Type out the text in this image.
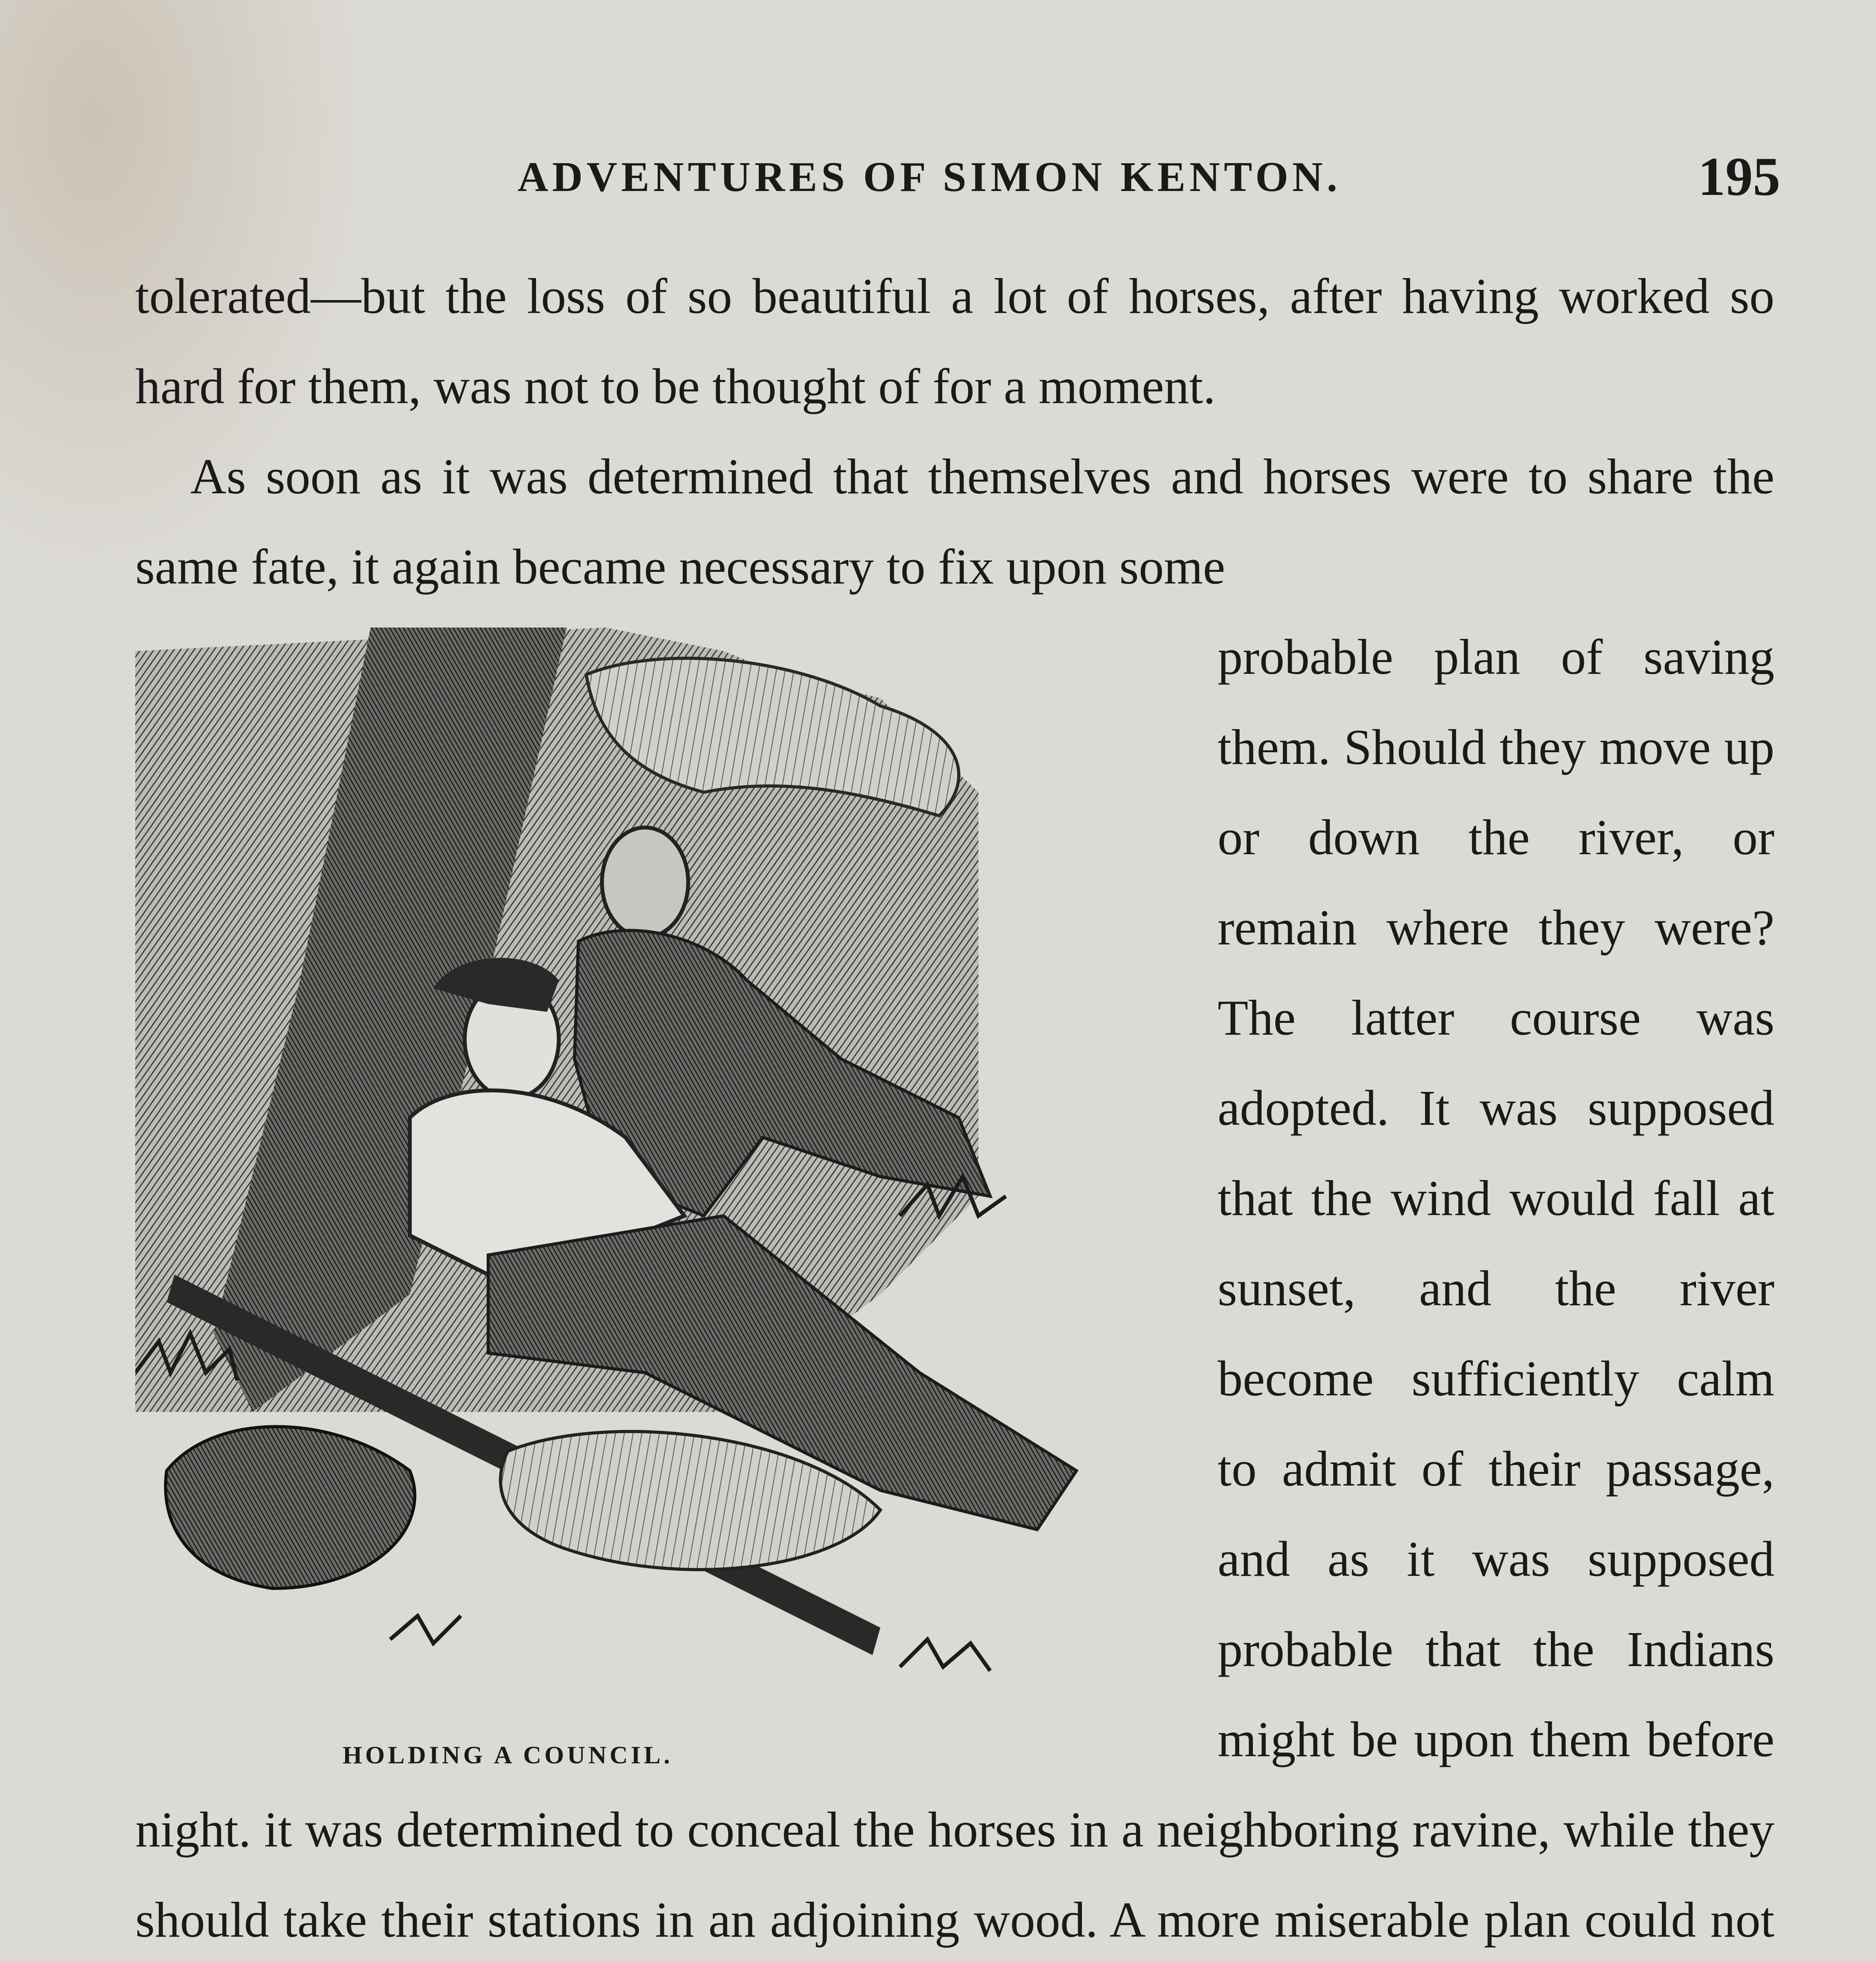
ADVENTURES OF SIMON KENTON.	195

tolerated—but the loss of so beautiful a lot of horses, after having worked so hard for them, was not to be thought of for a moment.

As soon as it was determined that themselves and horses were to share the same fate, it again became necessary to fix upon some

HOLDING A COUNCIL.

probable plan of saving them. Should they move up or down the river, or remain where they were? The latter course was adopted. It was supposed that the wind would fall at sunset, and the river become sufficiently calm to admit of their passage, and as it was supposed probable that the Indians might be upon them before night. it was determined to conceal the horses in a neighboring ravine, while they should take their stations in an adjoining wood. A more miserable plan could not
